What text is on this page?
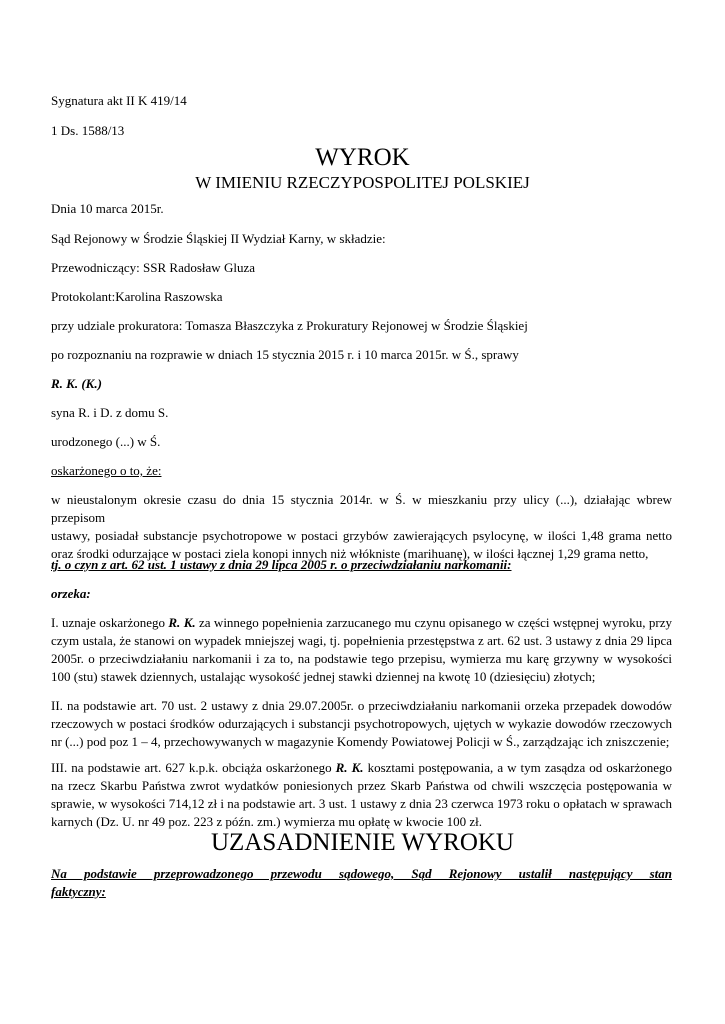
Sygnatura akt II K 419/14
1 Ds. 1588/13
WYROK
W IMIENIU RZECZYPOSPOLITEJ POLSKIEJ
Dnia 10 marca 2015r.
Sąd Rejonowy w Środzie Śląskiej II Wydział Karny, w składzie:
Przewodniczący: SSR Radosław Gluza
Protokolant:Karolina Raszowska
przy udziale prokuratora: Tomasza Błaszczyka z Prokuratury Rejonowej w Środzie Śląskiej
po rozpoznaniu na rozprawie w dniach 15 stycznia 2015 r. i 10 marca 2015r. w Ś., sprawy
R. K. (K.)
syna R. i D. z domu S.
urodzonego (...) w Ś.
oskarżonego o to, że:
w nieustalonym okresie czasu do dnia 15 stycznia 2014r. w Ś. w mieszkaniu przy ulicy (...), działając wbrew przepisom
ustawy, posiadał substancje psychotropowe w postaci grzybów zawierających psylocynę, w ilości 1,48 grama netto
oraz środki odurzające w postaci ziela konopi innych niż włókniste (marihuanę), w ilości łącznej 1,29 grama netto,
tj. o czyn z art. 62 ust. 1 ustawy z dnia 29 lipca 2005 r. o przeciwdziałaniu narkomanii:
orzeka:
I. uznaje oskarżonego R. K. za winnego popełnienia zarzucanego mu czynu opisanego w części wstępnej wyroku, przy
czym ustala, że stanowi on wypadek mniejszej wagi, tj. popełnienia przestępstwa z art. 62 ust. 3 ustawy z dnia 29 lipca
2005r. o przeciwdziałaniu narkomanii i za to, na podstawie tego przepisu, wymierza mu karę grzywny w wysokości
100 (stu) stawek dziennych, ustalając wysokość jednej stawki dziennej na kwotę 10 (dziesięciu) złotych;
II. na podstawie art. 70 ust. 2 ustawy z dnia 29.07.2005r. o przeciwdziałaniu narkomanii orzeka przepadek dowodów
rzeczowych w postaci środków odurzających i substancji psychotropowych, ujętych w wykazie dowodów rzeczowych
nr (...) pod poz 1 – 4, przechowywanych w magazynie Komendy Powiatowej Policji w Ś., zarządzając ich zniszczenie;
III. na podstawie art. 627 k.p.k. obciąża oskarżonego R. K. kosztami postępowania, a w tym zasądza od oskarżonego
na rzecz Skarbu Państwa zwrot wydatków poniesionych przez Skarb Państwa od chwili wszczęcia postępowania w
sprawie, w wysokości 714,12 zł i na podstawie art. 3 ust. 1 ustawy z dnia 23 czerwca 1973 roku o opłatach w sprawach
karnych (Dz. U. nr 49 poz. 223 z późn. zm.) wymierza mu opłatę w kwocie 100 zł.
UZASADNIENIE WYROKU
Na podstawie przeprowadzonego przewodu sądowego, Sąd Rejonowy ustalił następujący stan
faktyczny:
